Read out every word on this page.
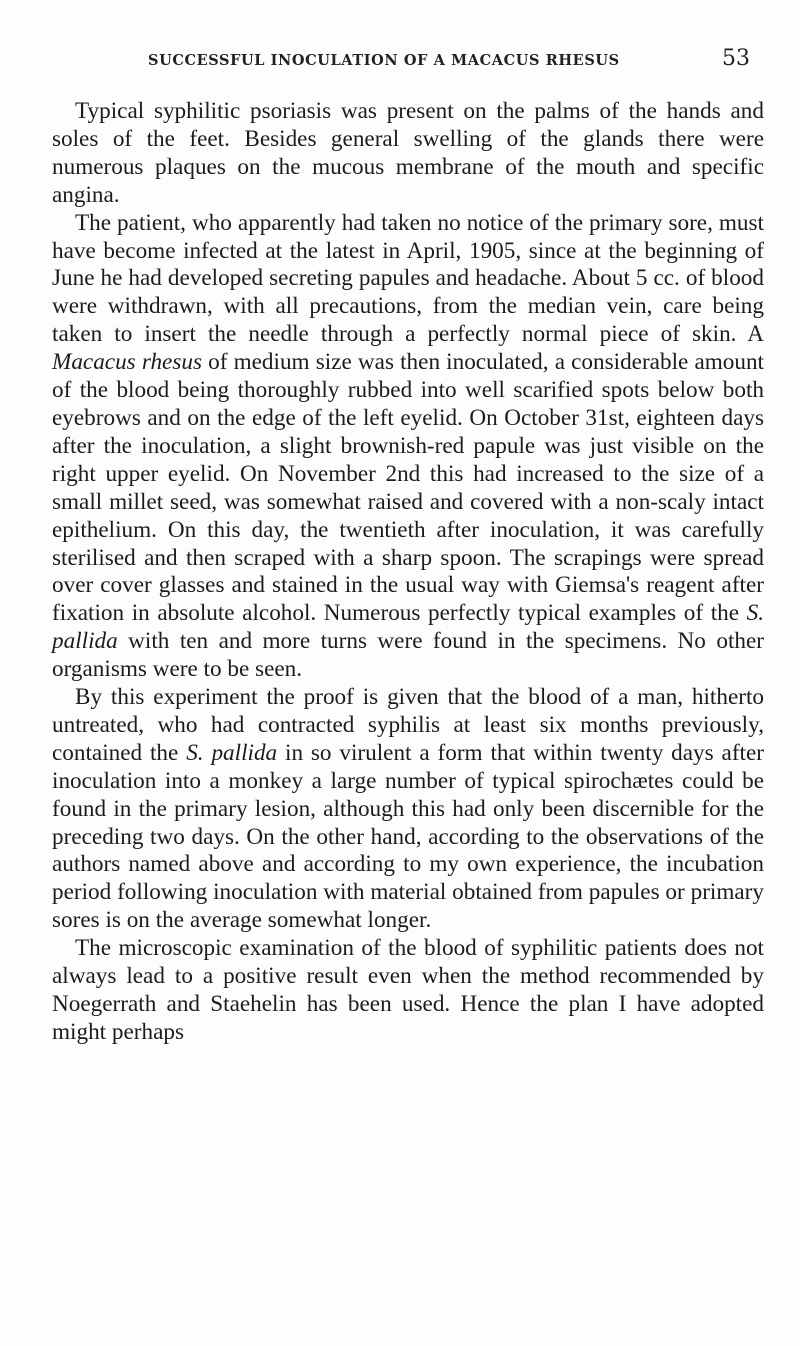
SUCCESSFUL INOCULATION OF A MACACUS RHESUS	53

Typical syphilitic psoriasis was present on the palms of the hands and soles of the feet. Besides general swelling of the glands there were numerous plaques on the mucous membrane of the mouth and specific angina.

The patient, who apparently had taken no notice of the primary sore, must have become infected at the latest in April, 1905, since at the beginning of June he had developed secreting papules and headache. About 5 cc. of blood were withdrawn, with all precautions, from the median vein, care being taken to insert the needle through a perfectly normal piece of skin. A Macacus rhesus of medium size was then inoculated, a considerable amount of the blood being thoroughly rubbed into well scarified spots below both eyebrows and on the edge of the left eyelid. On October 31st, eighteen days after the inoculation, a slight brownish-red papule was just visible on the right upper eyelid. On November 2nd this had increased to the size of a small millet seed, was somewhat raised and covered with a non-scaly intact epithelium. On this day, the twentieth after inoculation, it was carefully sterilised and then scraped with a sharp spoon. The scrapings were spread over cover glasses and stained in the usual way with Giemsa's reagent after fixation in absolute alcohol. Numerous perfectly typical examples of the S. pallida with ten and more turns were found in the specimens. No other organisms were to be seen.

By this experiment the proof is given that the blood of a man, hitherto untreated, who had contracted syphilis at least six months previously, contained the S. pallida in so virulent a form that within twenty days after inoculation into a monkey a large number of typical spirochætes could be found in the primary lesion, although this had only been discernible for the preceding two days. On the other hand, according to the observations of the authors named above and according to my own experience, the incubation period following inoculation with material obtained from papules or primary sores is on the average somewhat longer.

The microscopic examination of the blood of syphilitic patients does not always lead to a positive result even when the method recommended by Noegerrath and Staehelin has been used. Hence the plan I have adopted might perhaps
